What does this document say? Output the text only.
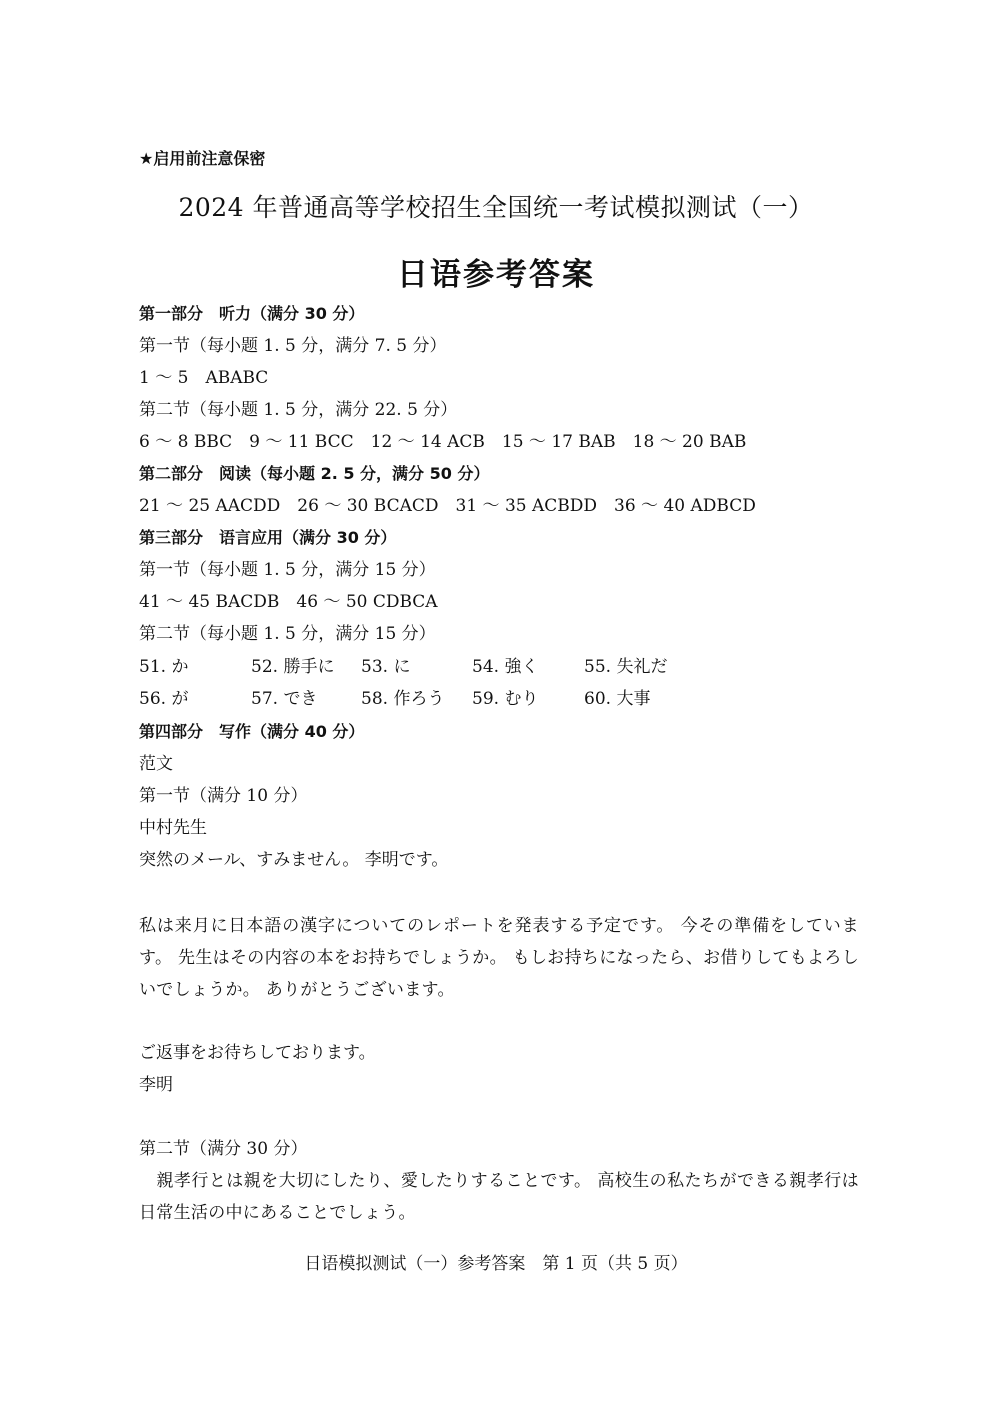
★启用前注意保密
2024 年普通高等学校招生全国统一考试模拟测试（一）
日语参考答案
第一部分　听力（满分 30 分）
第一节（每小题 1. 5 分，满分 7. 5 分）
1 ～ 5　ABABC
第二节（每小题 1. 5 分，满分 22. 5 分）
6 ～ 8 BBC　9 ～ 11 BCC　12 ～ 14 ACB　15 ～ 17 BAB　18 ～ 20 BAB
第二部分　阅读（每小题 2. 5 分，满分 50 分）
21 ～ 25 AACDD　26 ～ 30 BCACD　31 ～ 35 ACBDD　36 ～ 40 ADBCD
第三部分　语言应用（满分 30 分）
第一节（每小题 1. 5 分，满分 15 分）
41 ～ 45 BACDB　46 ～ 50 CDBCA
第二节（每小题 1. 5 分，满分 15 分）
51. か	52. 勝手に 53. に	54. 強く	55. 失礼だ
56. が	57. でき	58. 作ろう 59. むり	60. 大事
第四部分　写作（满分 40 分）
范文
第一节（满分 10 分）
中村先生
突然のメール、すみません。 李明です。
私は来月に日本語の漢字についてのレポートを発表する予定です。 今その準備をしています。 先生はその内容の本をお持ちでしょうか。 もしお持ちになったら、お借りしてもよろしいでしょうか。 ありがとうございます。
ご返事をお待ちしております。
李明
第二节（满分 30 分）
　親孝行とは親を大切にしたり、愛したりすることです。 高校生の私たちができる親孝行は日常生活の中にあることでしょう。
日语模拟测试（一）参考答案　第 1 页（共 5 页）
